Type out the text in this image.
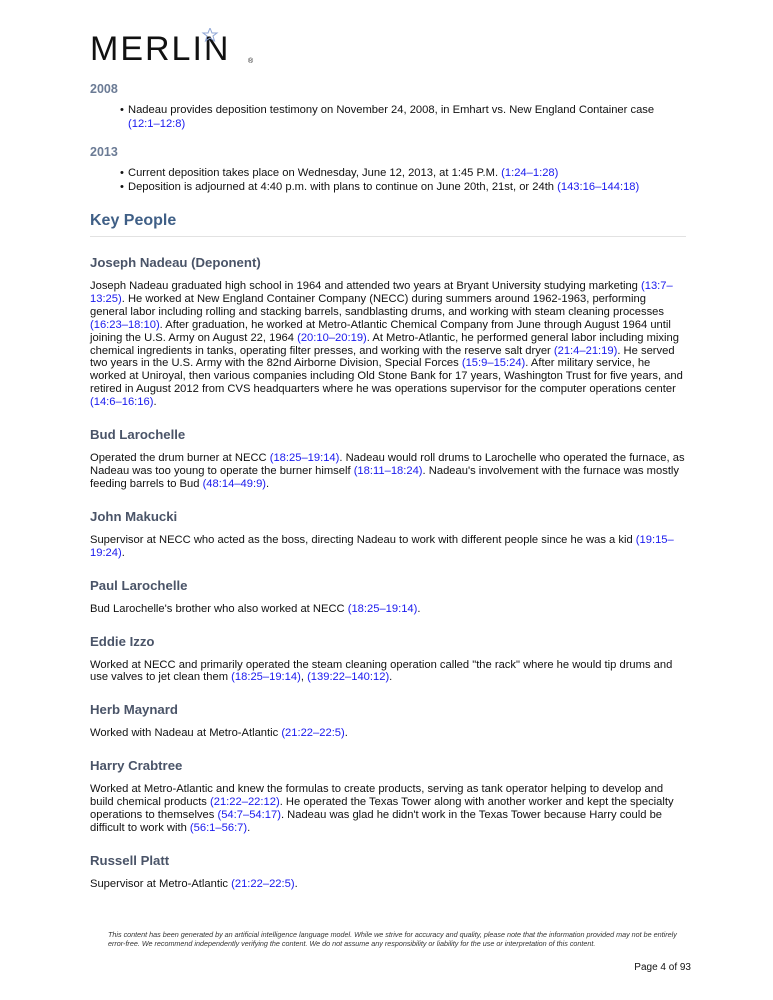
MERLIN	®
2008
• Nadeau provides deposition testimony on November 24, 2008, in Emhart vs. New England Container case (12:1–12:8)
2013
• Current deposition takes place on Wednesday, June 12, 2013, at 1:45 P.M. (1:24–1:28)
• Deposition is adjourned at 4:40 p.m. with plans to continue on June 20th, 21st, or 24th (143:16–144:18)
Key People
Joseph Nadeau (Deponent)

Joseph Nadeau graduated high school in 1964 and attended two years at Bryant University studying marketing (13:7–13:25). He worked at New England Container Company (NECC) during summers around 1962-1963, performing general labor including rolling and stacking barrels, sandblasting drums, and working with steam cleaning processes (16:23–18:10). After graduation, he worked at Metro-Atlantic Chemical Company from June through August 1964 until joining the U.S. Army on August 22, 1964 (20:10–20:19). At Metro-Atlantic, he performed general labor including mixing chemical ingredients in tanks, operating filter presses, and working with the reserve salt dryer (21:4–21:19). He served two years in the U.S. Army with the 82nd Airborne Division, Special Forces (15:9–15:24). After military service, he worked at Uniroyal, then various companies including Old Stone Bank for 17 years, Washington Trust for five years, and retired in August 2012 from CVS headquarters where he was operations supervisor for the computer operations center (14:6–16:16).

Bud Larochelle

Operated the drum burner at NECC (18:25–19:14). Nadeau would roll drums to Larochelle who operated the furnace, as Nadeau was too young to operate the burner himself (18:11–18:24). Nadeau's involvement with the furnace was mostly feeding barrels to Bud (48:14–49:9).

John Makucki

Supervisor at NECC who acted as the boss, directing Nadeau to work with different people since he was a kid (19:15–19:24).

Paul Larochelle

Bud Larochelle's brother who also worked at NECC (18:25–19:14).

Eddie Izzo

Worked at NECC and primarily operated the steam cleaning operation called "the rack" where he would tip drums and use valves to jet clean them (18:25–19:14), (139:22–140:12).

Herb Maynard

Worked with Nadeau at Metro-Atlantic (21:22–22:5).

Harry Crabtree

Worked at Metro-Atlantic and knew the formulas to create products, serving as tank operator helping to develop and build chemical products (21:22–22:12). He operated the Texas Tower along with another worker and kept the specialty operations to themselves (54:7–54:17). Nadeau was glad he didn't work in the Texas Tower because Harry could be difficult to work with (56:1–56:7).

Russell Platt

Supervisor at Metro-Atlantic (21:22–22:5).

This content has been generated by an artificial intelligence language model. While we strive for accuracy and quality, please note that the information provided may not be entirely error-free. We recommend independently verifying the content. We do not assume any responsibility or liability for the use or interpretation of this content.
Page 4 of 93
